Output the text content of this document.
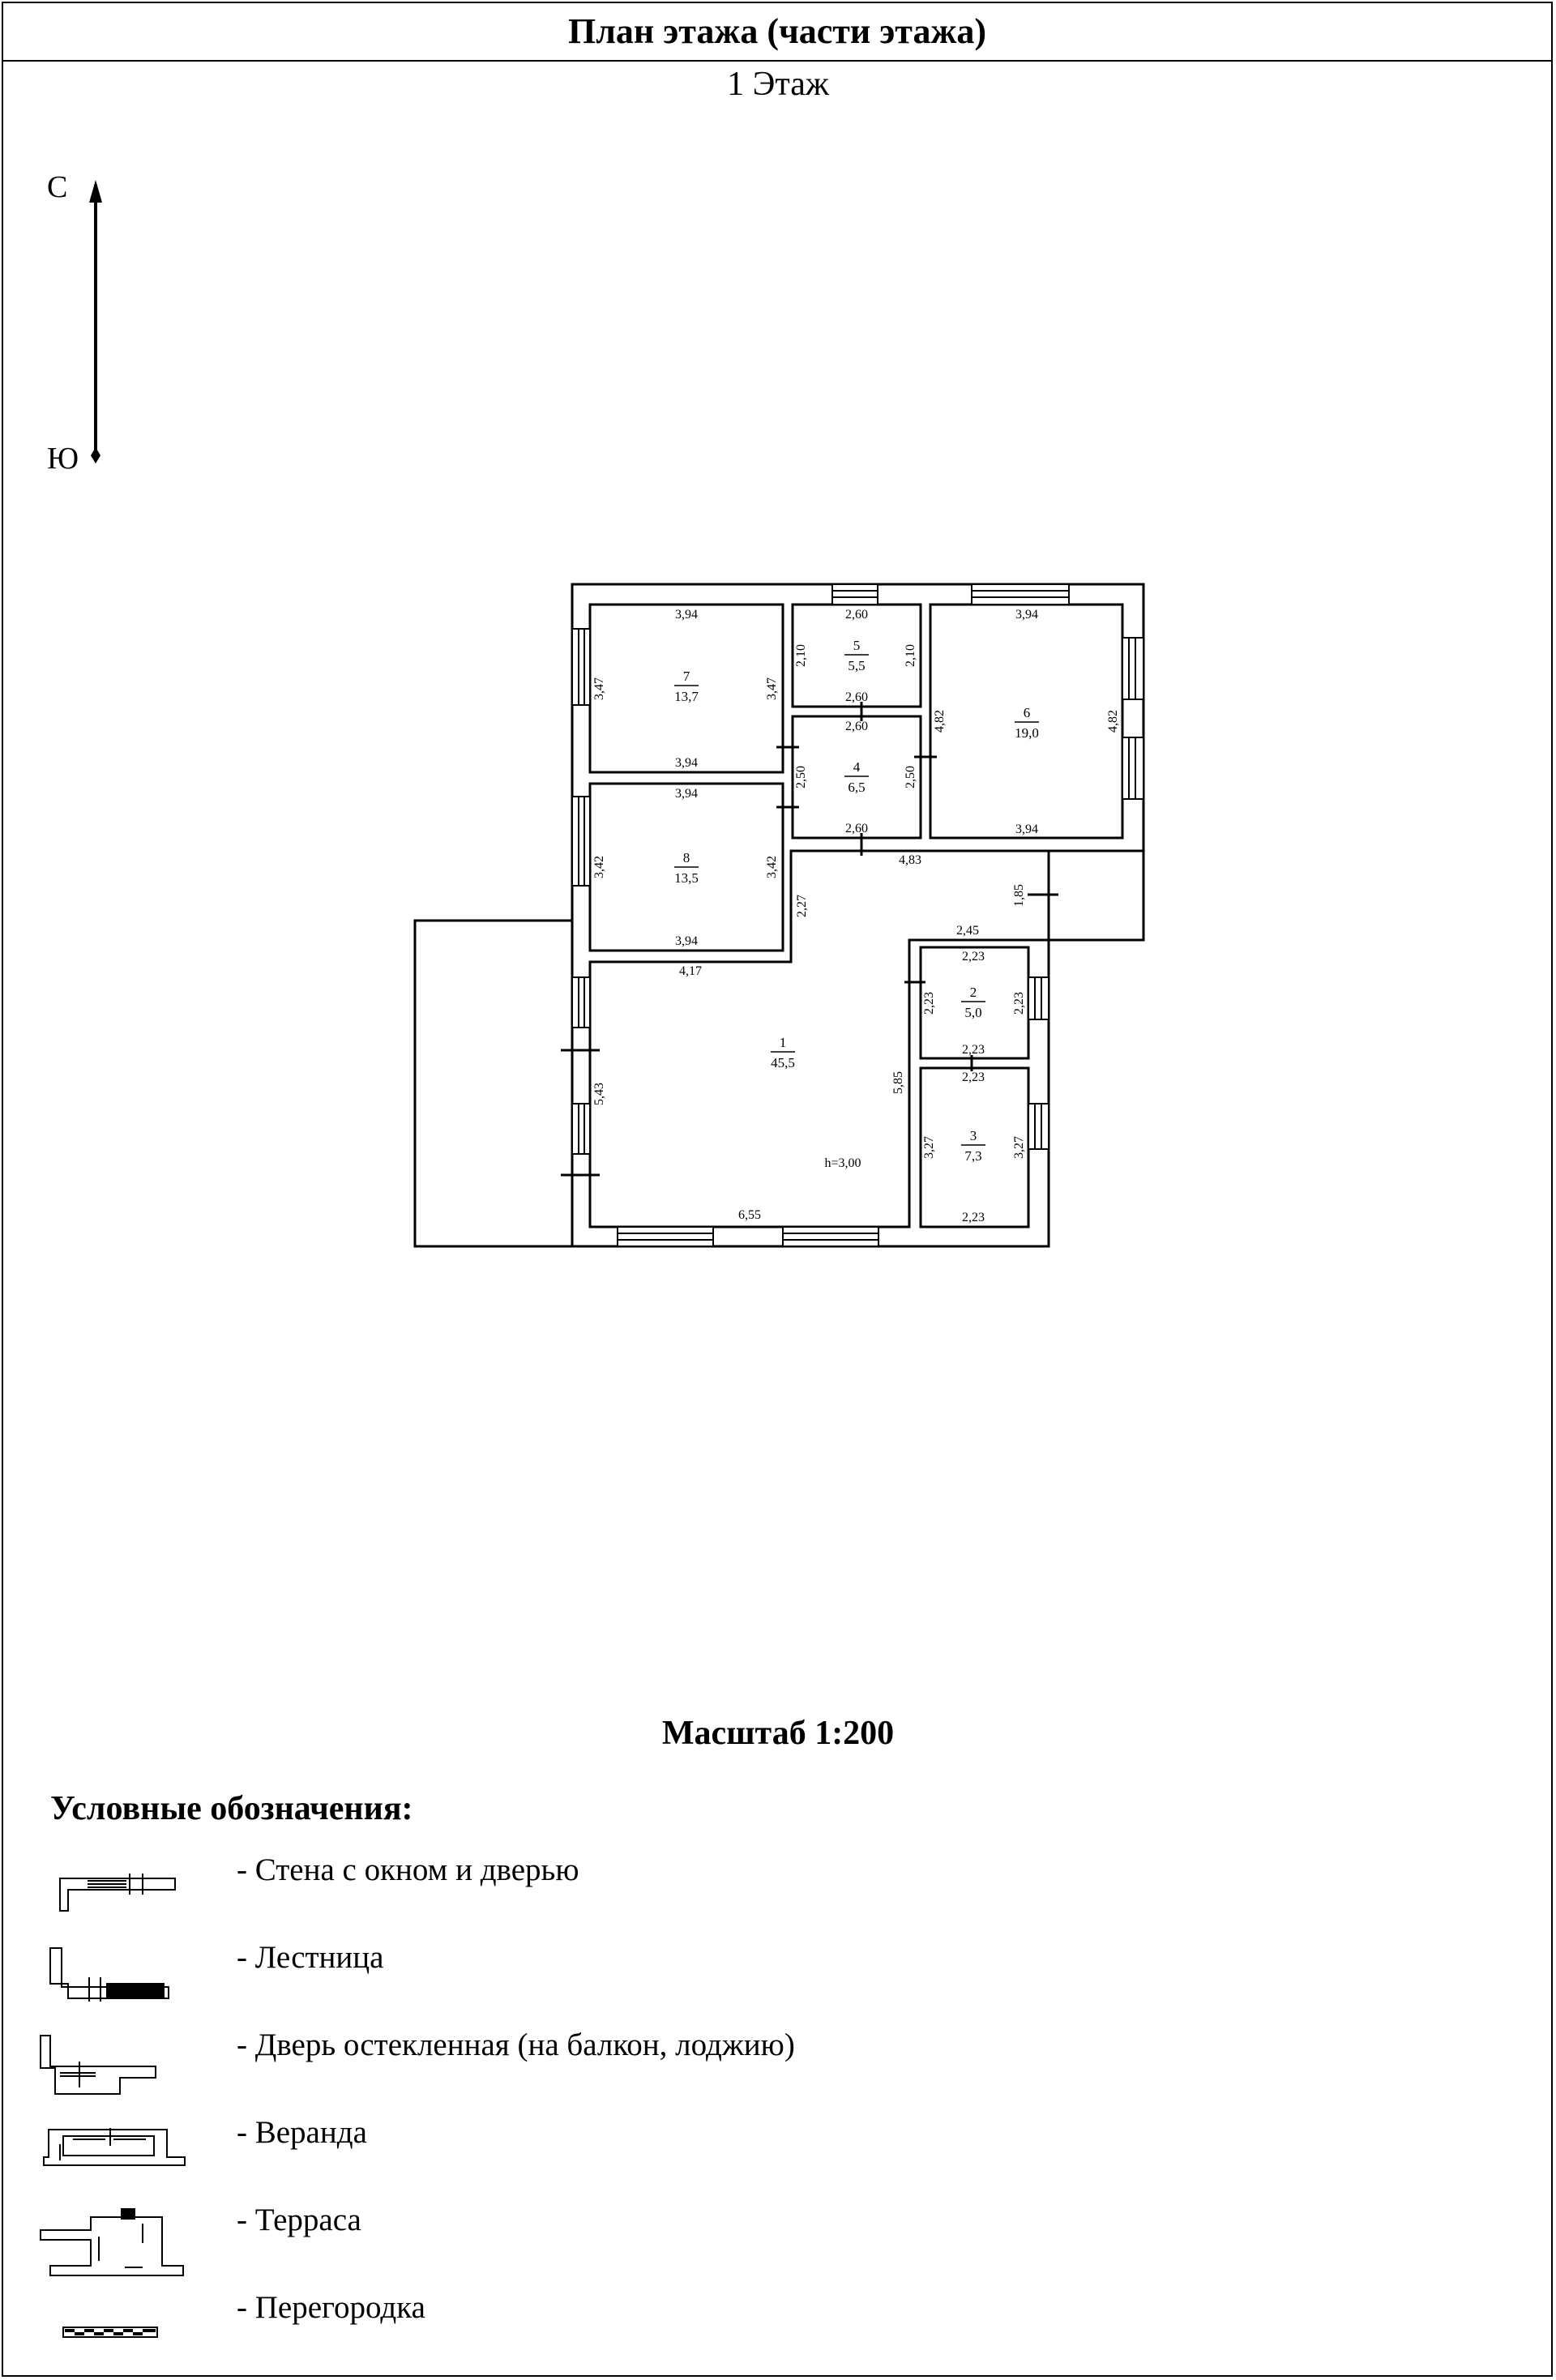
План этажа (части этажа)
1 Этаж
С
Ю
7
13,7
5
5,5
6
19,0
4
6,5
8
13,5
1
45,5
2
5,0
3
7,3
3,94
3,94
3,47	3,47
2,60
2,60
2,10	2,10
3,94
3,94
4,82	4,82
2,60
2,60
2,50	2,50
3,94
3,94
3,42	3,42	4,83
2,27
4,17
1,85
2,45
5,43	5,85
6,55
h=3,00
2,23
2,23
2,23	2,23
2,23
2,23
3,27	3,27
Масштаб 1:200
Условные обозначения:
- Стена с окном и дверью
- Лестница
- Дверь остекленная (на балкон, лоджию)
- Веранда
- Терраса
- Перегородка
